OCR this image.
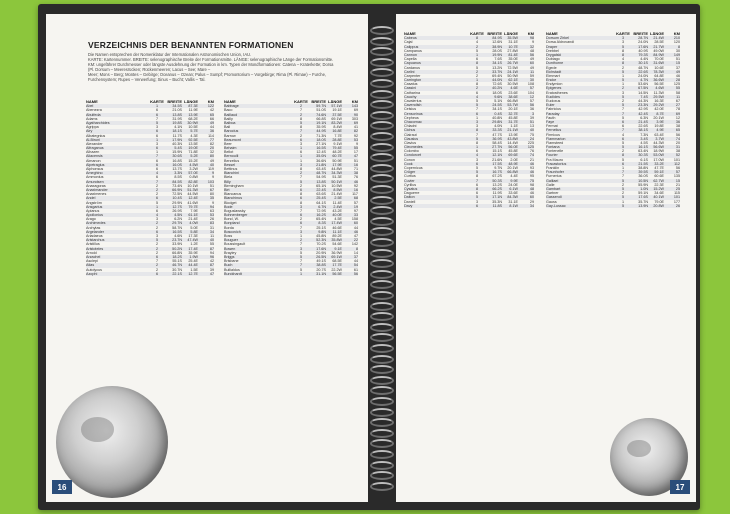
VERZEICHNIS DER BENANNTEN FORMATIONEN

Die Namen entsprechen der Nomenklatur der Internationalen Astronomischen Union, IAU.

KARTE: Kartennummer. BREITE: selenographische Breite der Formationsmitte. LÄNGE: selenographische Länge der Formationsmitte. KM: ungefährer Durchmesser oder längste Ausdehnung der Formation in km. Typen der Mondformationen: Catena – Kraterkette; Dorsa (Pl. Dorsum – Meeresrücken; Rückenmeeren; Lacus – See; Mare –

Meer; Mons – Berg; Montes – Gebirge; Oceanus – Ozean; Palus – Sumpf; Promontorium – Vorgebirge; Rima (Pl. Rimae) – Furche, Furchensystem; Rupes – Verwerfung; Sinus – Bucht; Vallis – Tal.

NAME	KARTE BREITE LÄNGE	KM
Abel	1	34.5S	87.3E	122
Abenezra	6	21.0S	11.9E	42
Abulfeda	6	13.8S	13.9E	65
Adams	7	31.9S	68.2E	66
Agatharchides	5	19.8S	30.9W	49
Agrippa	3	4.1N	10.5E	44
Airy	6	18.1S	5.7E	36
Albategnius	6	11.7S	4.3E	114
Al-Biruni	1	17.9N	92.5E	77
Alexander	3	40.3N	13.5E	82
Alfraganus	6	5.4S	19.0E	20
Alhazen	1	15.9N	71.8E	32
Aliacensis	7	30.6S	5.2E	80
Almanon	6	16.8S	15.2E	49
Alpetragius	6	16.0S	4.5W	40
Alphonsus	6	13.7S	3.2W	119
Ameghino	4	3.3N	57.0E	9
Ammonius	6	8.5S	0.8W	9
Amundsen	7	84.5S	82.8E	103
Anaxagoras	2	73.4N	10.1W	51
Anaximander	2	66.9N	51.3W	67
Anaximenes	2	72.5N	44.5W	80
Andel	6	10.4S	12.4E	35
Angström	5	29.9N	41.6W	9
Ansgarius	1	12.7S	79.7E	94
Apianus	6	26.9S	7.9E	63
Apollonius	4	4.5N	61.1E	53
Arago	3	6.2N	21.4E	26
Archimedes	2	29.7N	4.0W	83
Archytas	2	58.7N	5.0E	31
Argelander	6	16.5S	5.8E	34
Ariadaeus	3	4.6N	17.3E	11
Aristarchus	5	23.7N	47.4W	40
Aristillus	2	33.9N	1.2E	55
Aristoteles	2	50.2N	17.4E	87
Arnold	2	66.8N	35.9E	94
Arzachel	6	18.2S	1.9W	96
Asclepi	7	55.1S	25.4E	42
Atlas	2	46.7N	44.4E	87
Autolycus	2	30.7N	1.5E	39
Azophi	6	22.1S	12.7E	47
NAME	KARTE BREITE LÄNGE	KM
Babbage	2	59.7N	57.1W	143
Baco	7	51.0S	19.1E	69
Baillaud	2	74.6N	37.5E	90
Bailly	8	66.8S	69.1W	303
Balboa	5	19.1N	83.2W	69
Ball	8	35.9S	8.4W	41
Barocius	7	44.9S	16.8E	82
Barrow	2	71.3N	7.7E	92
Beaumont	6	18.0S	28.8E	53
Beer	3	27.1N	9.1W	9
Behaim	1	16.5S	79.4E	55
Bellot	6	12.4S	48.2E	17
Bernoulli	1	35.0N	60.7E	47
Berzelius	1	36.6N	50.9E	51
Bessel	3	21.8N	17.9E	16
Bettinus	8	63.4S	44.8W	71
Bianchini	2	48.7N	34.3W	38
Biela	7	54.9S	51.3E	76
Billy	5	13.8S	50.1W	46
Birmingham	2	65.1N	10.5W	92
Birt	6	22.4S	8.5W	16
Blancanus	8	63.6S	21.4W	117
Blanchinus	6	25.4S	2.5E	68
Blodget	8	64.1S	11.4E	57
Bode	3	6.7N	2.4W	19
Boguslawsky	7	72.9S	43.2E	97
Bohnenberger	6	16.2S	40.0E	33
Bond, W.	2	65.4N	4.5E	158
Bonpland	6	8.3S	17.4W	60
Borda	7	25.1S	46.6E	44
Boscovich	3	9.8N	11.1E	46
Boss	1	45.8N	89.2E	47
Bouguer	2	52.3N	35.8W	22
Boussingault	7	70.2S	54.6E	142
Bowen	3	17.6N	9.1E	8
Brayley	5	20.9N	36.9W	14
Briggs	5	26.5N	69.1W	37
Brisbane	7	49.1S	68.5E	44
Buch	7	38.8S	17.7E	54
Bullialdus	5	20.7S	22.2W	61
Burckhardt	1	31.1N	56.5E	56
16
NAME	KARTE BREITE LÄNGE	KM
Cabeus	8	84.9S	35.5W	98
Cajal	4	12.6N	31.1E	9
Calippus	2	38.9N	10.7E	32
Campanus	5	28.0S	27.8W	48
Cannon	1	19.9N	81.4E	56
Capella	6	7.6S	35.0E	49
Capuanus	8	34.1S	26.7W	60
Cardanus	5	13.2N	72.5W	49
Carlini	2	33.7N	24.1W	11
Carpenter	2	69.4N	50.9W	59
Carrington	1	44.0N	62.1E	30
Casatus	8	72.6S	30.5W	108
Cassini	2	40.2N	4.6E	57
Catharina	6	18.0S	23.6E	104
Cauchy	4	9.6N	38.6E	12
Cavalerius	5	5.1N	66.8W	57
Cavendish	5	24.5S	53.7W	56
Celsius	7	34.1S	20.1E	36
Censorinus	6	0.4S	32.7E	3
Cepheus	1	40.8N	45.8E	39
Chacornac	3	29.8N	31.7E	51
Chladni	3	4.0N	1.1E	13
Cichus	8	33.3S	21.1W	40
Clairaut	7	47.7S	13.9E	75
Clausius	5	36.9S	43.8W	24
Clavius	8	58.4S	14.4W	225
Cleomedes	1	27.7N	56.0E	125
Colombo	6	15.1S	45.8E	76
Condorcet	4	12.1N	69.6E	74
Conon	3	21.6N	2.0E	21
Cook	6	17.5S	48.9E	46
Copernicus	5	9.7N	20.1W	93
Crüger	5	16.7S	66.8W	46
Curtius	8	67.2S	4.4E	95
Cuvier	7	50.3S	9.9E	75
Cyrillus	6	13.2S	24.0E	98
Cysatus	8	66.2S	6.1W	48
Daguerre	6	11.9S	33.6E	46
Dalton	5	17.1N	84.3W	60
Daniell	3	35.3N	31.1E	29
Davy	6	11.8S	8.1W	34
NAME	KARTE BREITE LÄNGE	KM
Dorsum Zirkel	3	28.7N	21.4W	210
Dorsa Aldrovandi	3	24.0N	28.5E	120
Draper	5	17.6N	21.7W	8
Drebbel	8	40.9S	49.0W	30
Drygalski	8	79.3S	84.9W	149
Dubiago	4	4.4N	70.0E	51
Dunthorne	8	30.1S	31.6W	15
Egede	2	48.7N	10.6E	37
Eichstadt	5	22.6S	78.3W	49
Eimmart	1	24.0N	64.8E	46
Encke	5	4.7N	36.6W	28
Endymion	1	53.6N	56.5E	125
Epigenes	2	67.5N	4.6W	55
Eratosthenes	3	14.5N	11.3W	58
Euclides	5	7.4S	29.5W	11
Eudoxus	2	44.3N	16.3E	67
Euler	5	23.3N	29.2W	27
Fabricius	7	42.9S	42.0E	78
Faraday	7	42.4S	8.7E	69
Fauth	5	6.3N	20.1W	12
Faye	6	21.4S	3.9E	36
Fermat	6	22.6S	19.8E	38
Fernelius	7	38.1S	4.9E	65
Firmicus	4	7.3N	63.4E	56
Flammarion	6	3.4S	3.7W	74
Flamsteed	5	4.5S	44.3W	20
Fontana	5	16.1S	56.6W	31
Fontenelle	2	63.4N	18.9W	38
Fourier	8	30.3S	53.0W	52
Fra Mauro	5	6.1S	17.0W	101
Fracastorius	6	21.5S	33.2E	112
Franklin	1	38.8N	47.7E	56
Fraunhofer	7	39.5S	59.1E	57
Furnerius	7	36.0S	60.6E	135
Galilaei	5	10.5N	62.7W	15
Galle	2	55.9N	22.3E	21
Gambart	5	1.0N	15.2W	25
Gartner	2	59.1N	34.6E	115
Gassendi	5	17.6S	40.1W	101
Gauss	1	35.7N	79.0E	177
Gay-Lussac	5	13.9N	20.8W	26
17
